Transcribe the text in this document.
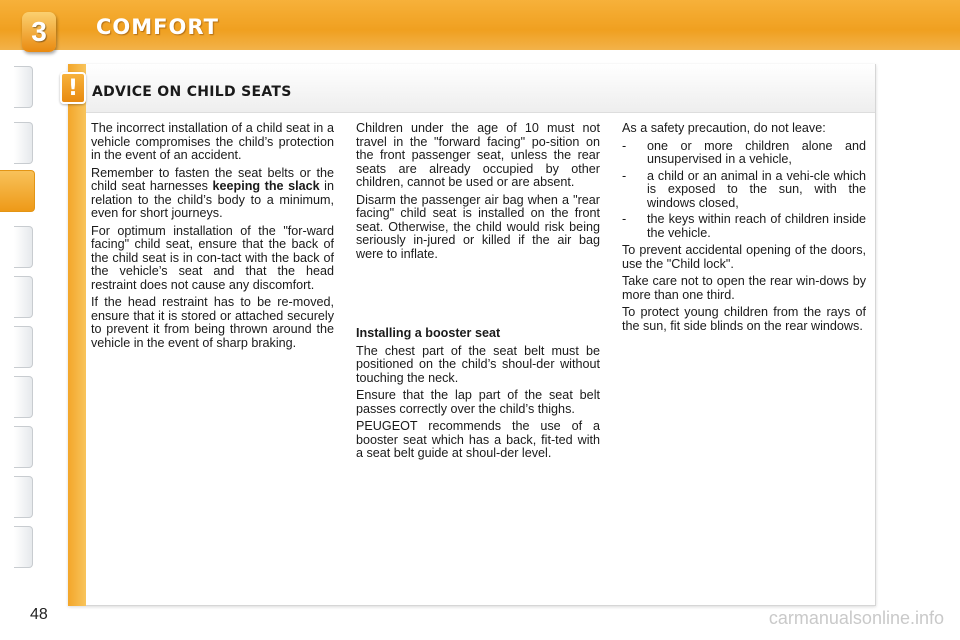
3 COMFORT
! ADVICE ON CHILD SEATS

The incorrect installation of a child seat in a vehicle compromises the child’s protection in the event of an accident.

Remember to fasten the seat belts or the child seat harnesses keeping the slack in relation to the child’s body to a minimum, even for short journeys.

For optimum installation of the "for-ward facing" child seat, ensure that the back of the child seat is in con-tact with the back of the vehicle’s seat and that the head restraint does not cause any discomfort.

If the head restraint has to be re-moved, ensure that it is stored or attached securely to prevent it from being thrown around the vehicle in the event of sharp braking.

Children under the age of 10 must not travel in the "forward facing" po-sition on the front passenger seat, unless the rear seats are already occupied by other children, cannot be used or are absent.

Disarm the passenger air bag when a "rear facing" child seat is installed on the front seat. Otherwise, the child would risk being seriously in-jured or killed if the air bag were to inflate.

Installing a booster seat

The chest part of the seat belt must be positioned on the child’s shoul-der without touching the neck.

Ensure that the lap part of the seat belt passes correctly over the child’s thighs.

PEUGEOT recommends the use of a booster seat which has a back, fit-ted with a seat belt guide at shoul-der level.

As a safety precaution, do not leave:

- one or more children alone and unsupervised in a vehicle,
- a child or an animal in a vehi-cle which is exposed to the sun, with the windows closed,
- the keys within reach of children inside the vehicle.

To prevent accidental opening of the doors, use the "Child lock".

Take care not to open the rear win-dows by more than one third.

To protect young children from the rays of the sun, fit side blinds on the rear windows.

48	carmanualsonline.info
